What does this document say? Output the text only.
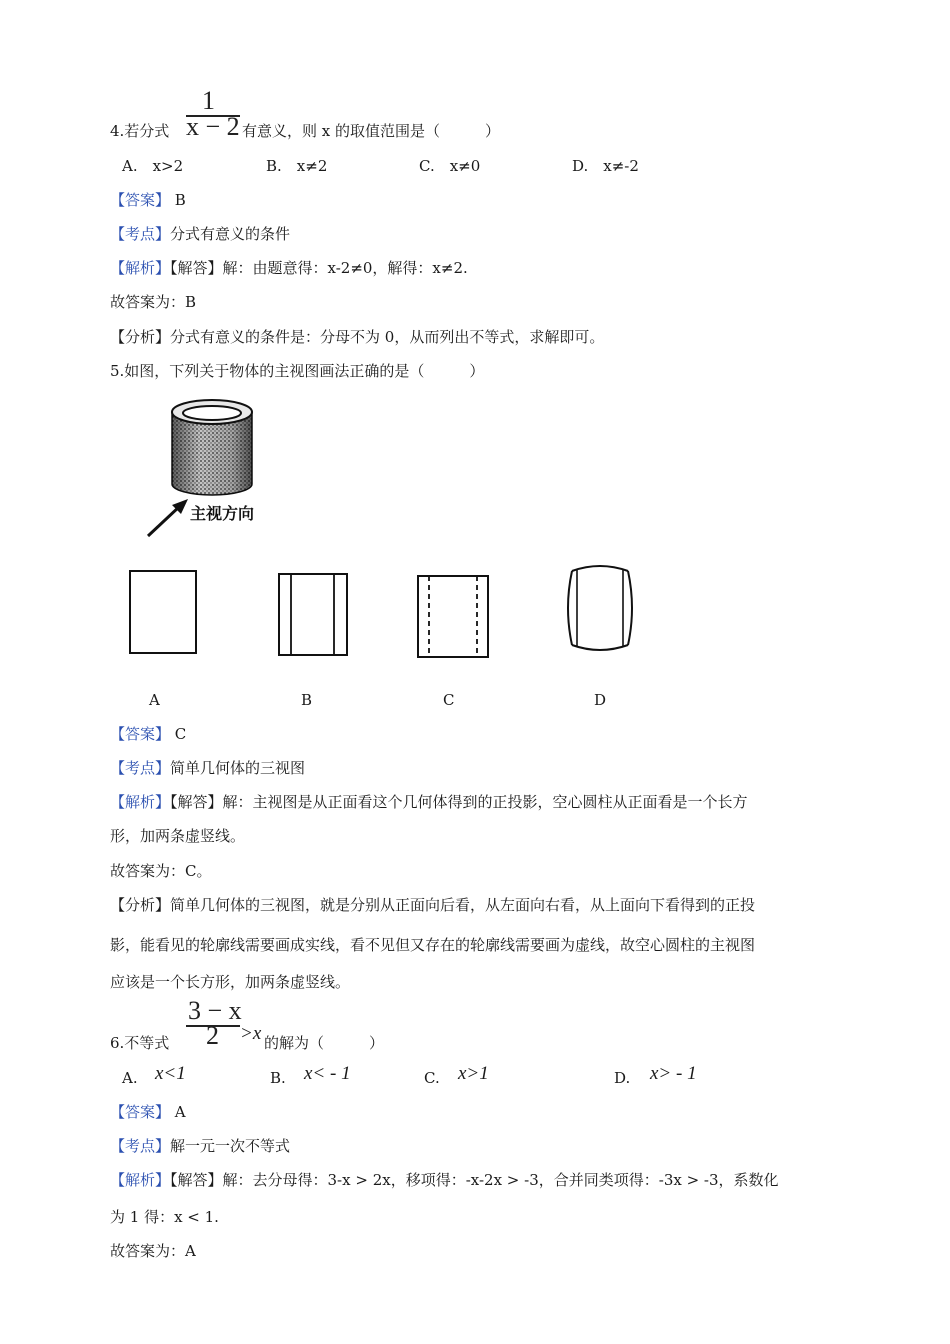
1
x − 2
4.若分式	有意义，则 x 的取值范围是（　　　）
A.　x>2	B.　x≠2	C.　x≠0	D.　x≠-2
【答案】 B
【考点】分式有意义的条件
【解析】【解答】解：由题意得：x-2≠0，解得：x≠2.
故答案为：B
【分析】分式有意义的条件是：分母不为 0，从而列出不等式，求解即可。
5.如图，下列关于物体的主视图画法正确的是（　　　）
主视方向
A	B	C	D
【答案】 C
【考点】简单几何体的三视图
【解析】【解答】解：主视图是从正面看这个几何体得到的正投影，空心圆柱从正面看是一个长方
形，加两条虚竖线。
故答案为：C。
【分析】简单几何体的三视图，就是分别从正面向后看，从左面向右看，从上面向下看得到的正投
影，能看见的轮廓线需要画成实线，看不见但又存在的轮廓线需要画为虚线，故空心圆柱的主视图
应该是一个长方形，加两条虚竖线。
3 − x
2 >x
6.不等式	的解为（　　　）
A. x<1	B. x< - 1	C. x>1	D. x> - 1
【答案】 A
【考点】解一元一次不等式
【解析】【解答】解：去分母得：3-x > 2x，移项得：-x-2x > -3，合并同类项得：-3x > -3，系数化
为 1 得：x < 1.
故答案为：A
